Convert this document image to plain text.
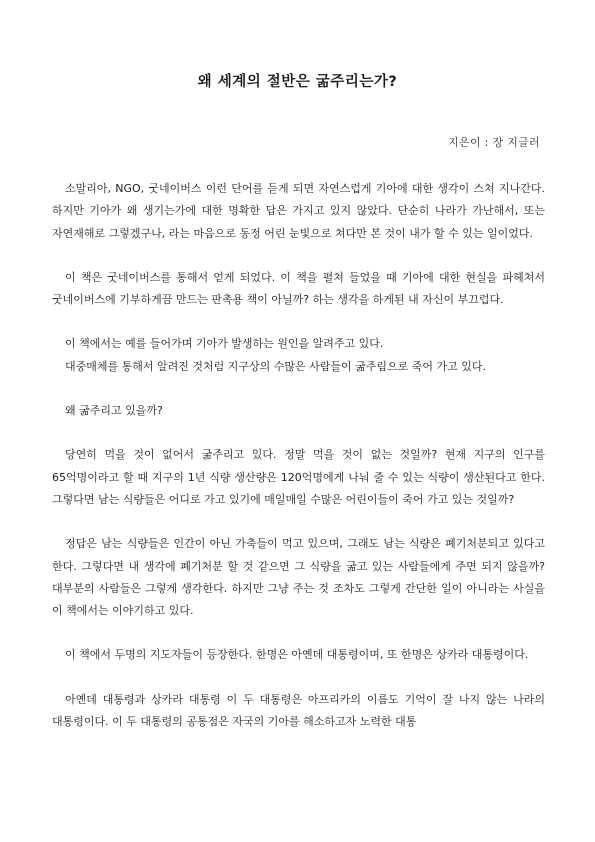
왜 세계의 절반은 굶주리는가?
지은이 : 장 지글러

소말리아, NGO, 굿네이버스 이런 단어를 듣게 되면 자연스럽게 기아에 대한 생각이 스쳐 지나간다. 하지만 기아가 왜 생기는가에 대한 명확한 답은 가지고 있지 않았다. 단순히 나라가 가난해서, 또는 자연재해로 그렇겠구나, 라는 마음으로 동정 어린 눈빛으로 쳐다만 본 것이 내가 할 수 있는 일이었다.

이 책은 굿네이버스를 통해서 얻게 되었다. 이 책을 펼쳐 들었을 때 기아에 대한 현실을 파헤쳐서 굿네이버스에 기부하게끔 만드는 판촉용 책이 아닐까? 하는 생각을 하게된 내 자신이 부끄럽다.

이 책에서는 예를 들어가며 기아가 발생하는 원인을 알려주고 있다.

대중매체를 통해서 알려진 것처럼 지구상의 수많은 사람들이 굶주림으로 죽어 가고 있다.

왜 굶주리고 있을까?

당연히 먹을 것이 없어서 굶주리고 있다. 정말 먹을 것이 없는 것일까? 현재 지구의 인구를 65억명이라고 할 때 지구의 1년 식량 생산량은 120억명에게 나눠 줄 수 있는 식량이 생산된다고 한다. 그렇다면 남는 식량들은 어디로 가고 있기에 매일매일 수많은 어린이들이 죽어 가고 있는 것일까?

정답은 남는 식량들은 인간이 아닌 가축들이 먹고 있으며, 그래도 남는 식량은 폐기처분되고 있다고 한다. 그렇다면 내 생각에 폐기처분 할 것 같으면 그 식량을 굶고 있는 사람들에게 주면 되지 않을까? 대부분의 사람들은 그렇게 생각한다. 하지만 그냥 주는 것 조차도 그렇게 간단한 일이 아니라는 사실을 이 책에서는 이야기하고 있다.

이 책에서 두명의 지도자들이 등장한다. 한명은 아옌데 대통령이며, 또 한명은 상카라 대통령이다.

아옌데 대통령과 상카라 대통령 이 두 대통령은 아프리카의 이름도 기억이 잘 나지 않는 나라의 대통령이다. 이 두 대통령의 공통점은 자국의 기아를 해소하고자 노력한 대통
